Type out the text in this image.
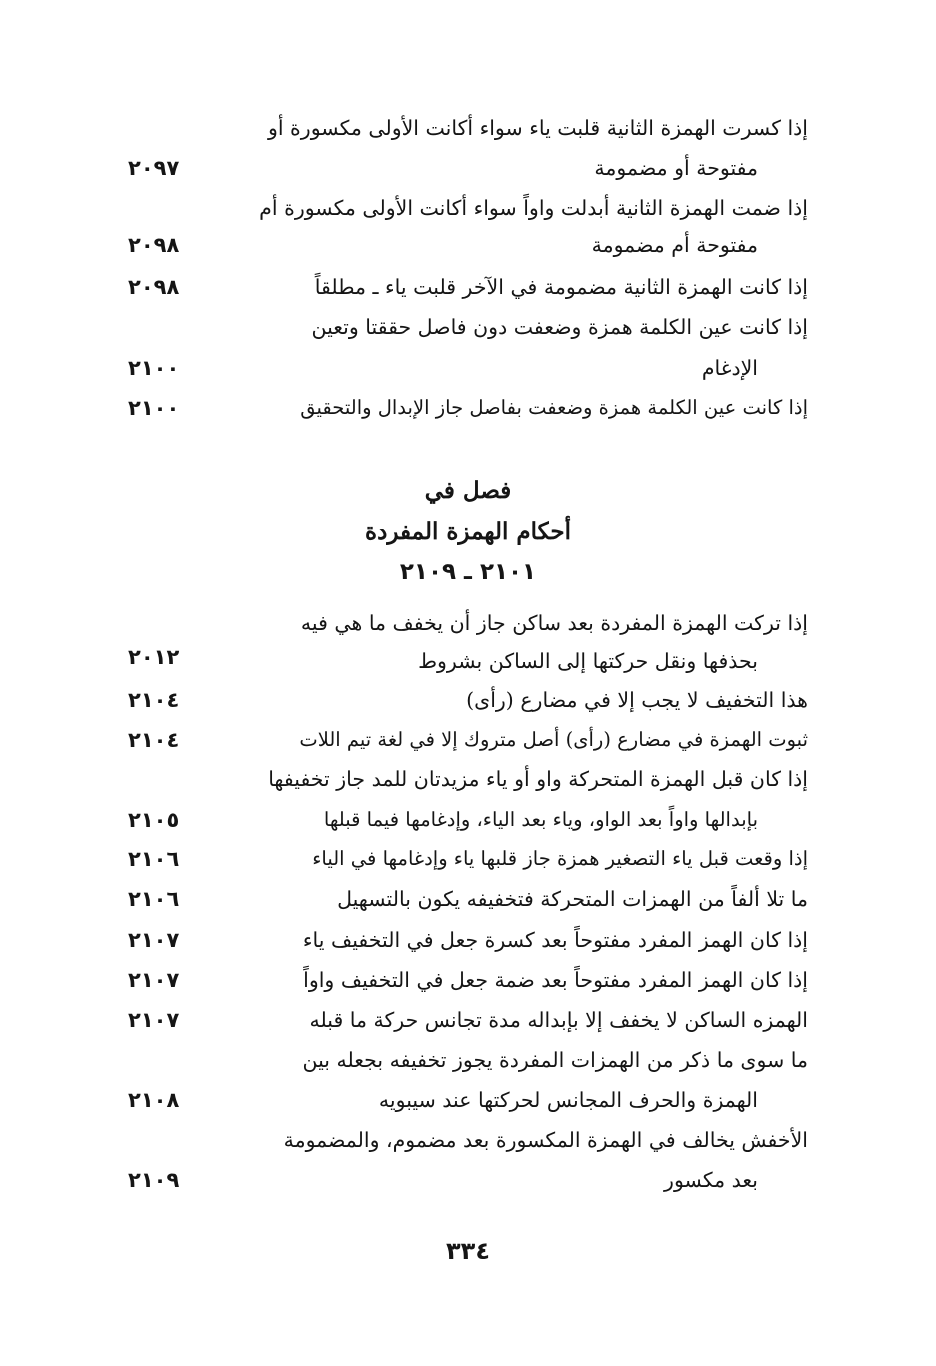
إذا كسرت الهمزة الثانية قلبت ياء سواء أكانت الأولى مكسورة أو
مفتوحة أو مضمومة
٢٠٩٧
إذا ضمت الهمزة الثانية أبدلت واواً سواء أكانت الأولى مكسورة أم
مفتوحة أم مضمومة
٢٠٩٨
إذا كانت الهمزة الثانية مضمومة في الآخر قلبت ياء ـ مطلقاً
٢٠٩٨
إذا كانت عين الكلمة همزة وضعفت دون فاصل حققتا وتعين
الإدغام
٢١٠٠
إذا كانت عين الكلمة همزة وضعفت بفاصل جاز الإبدال والتحقيق
٢١٠٠
فصل في
أحكام الهمزة المفردة
٢١٠١ ـ ٢١٠٩
إذا تركت الهمزة المفردة بعد ساكن جاز أن يخفف ما هي فيه
بحذفها ونقل حركتها إلى الساكن بشروط
٢٠١٢
هذا التخفيف لا يجب إلا في مضارع (رأى)
٢١٠٤
ثبوت الهمزة في مضارع (رأى) أصل متروك إلا في لغة تيم اللات
٢١٠٤
إذا كان قبل الهمزة المتحركة واو أو ياء مزيدتان للمد جاز تخفيفها
بإبدالها واواً بعد الواو، وياء بعد الياء، وإدغامها فيما قبلها
٢١٠٥
إذا وقعت قبل ياء التصغير همزة جاز قلبها ياء وإدغامها في الياء
٢١٠٦
ما تلا ألفاً من الهمزات المتحركة فتخفيفه يكون بالتسهيل
٢١٠٦
إذا كان الهمز المفرد مفتوحاً بعد كسرة جعل في التخفيف ياء
٢١٠٧
إذا كان الهمز المفرد مفتوحاً بعد ضمة جعل في التخفيف واواً
٢١٠٧
الهمزه الساكن لا يخفف إلا بإبداله مدة تجانس حركة ما قبله
٢١٠٧
ما سوى ما ذكر من الهمزات المفردة يجوز تخفيفه بجعله بين
الهمزة والحرف المجانس لحركتها عند سيبويه
٢١٠٨
الأخفش يخالف في الهمزة المكسورة بعد مضموم، والمضمومة
بعد مكسور
٢١٠٩
٣٣٤
